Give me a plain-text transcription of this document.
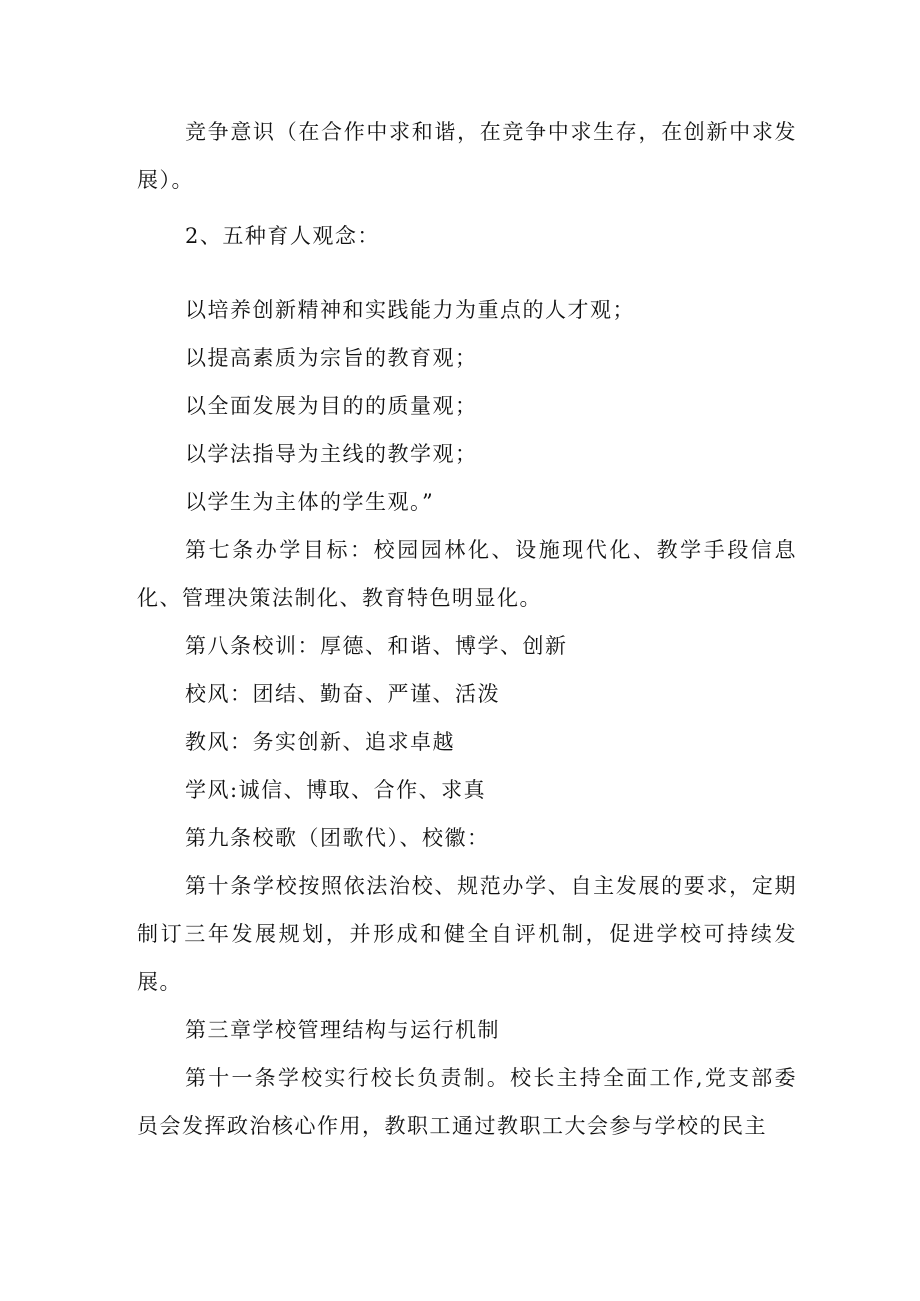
竞争意识（在合作中求和谐，在竞争中求生存，在创新中求发展）。

2、五种育人观念：

以培养创新精神和实践能力为重点的人才观；

以提高素质为宗旨的教育观；

以全面发展为目的的质量观；

以学法指导为主线的教学观；

以学生为主体的学生观。”

第七条办学目标：校园园林化、设施现代化、教学手段信息化、管理决策法制化、教育特色明显化。

第八条校训：厚德、和谐、博学、创新

校风：团结、勤奋、严谨、活泼

教风：务实创新、追求卓越

学风:诚信、博取、合作、求真

第九条校歌（团歌代）、校徽：

第十条学校按照依法治校、规范办学、自主发展的要求，定期制订三年发展规划，并形成和健全自评机制，促进学校可持续发展。

第三章学校管理结构与运行机制

第十一条学校实行校长负责制。校长主持全面工作,党支部委员会发挥政治核心作用，教职工通过教职工大会参与学校的民主
